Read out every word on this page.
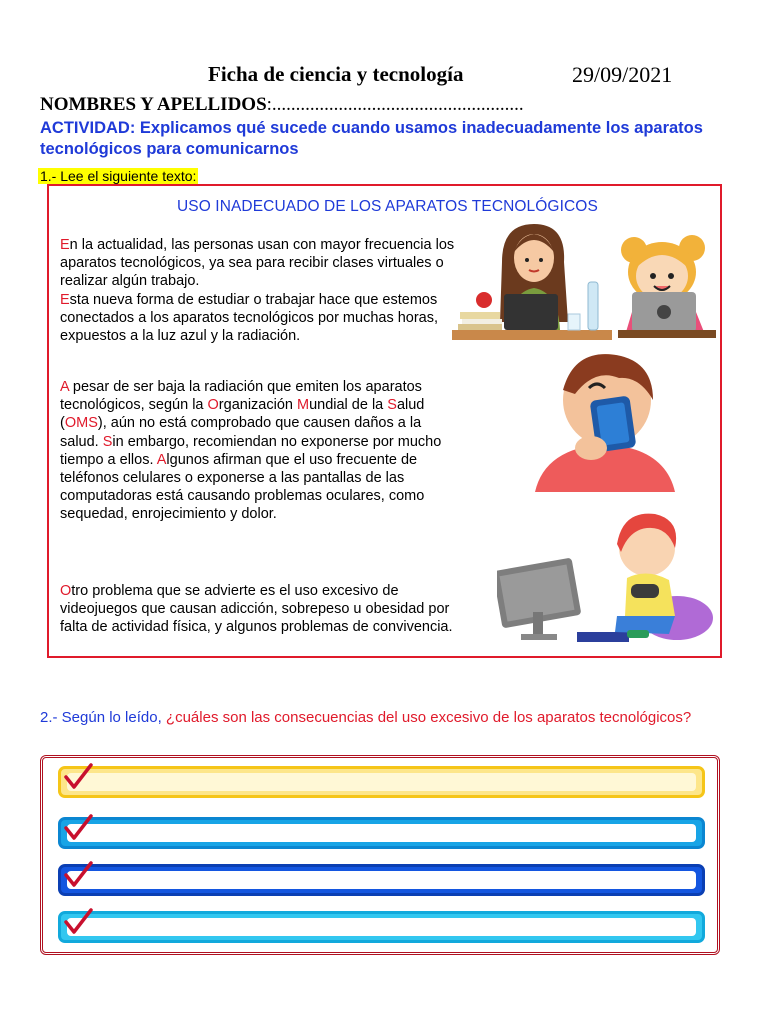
Ficha de ciencia y tecnología	29/09/2021
NOMBRES Y APELLIDOS:.....................................................
ACTIVIDAD: Explicamos qué sucede cuando usamos inadecuadamente los aparatos tecnológicos para comunicarnos
1.- Lee el siguiente texto:
USO INADECUADO DE LOS APARATOS TECNOLÓGICOS
En la actualidad, las personas usan con mayor frecuencia los aparatos tecnológicos, ya sea para recibir clases virtuales o realizar algún trabajo.
Esta nueva forma de estudiar o trabajar hace que estemos conectados a los aparatos tecnológicos por muchas horas, expuestos a la luz azul y la radiación.
A pesar de ser baja la radiación que emiten los aparatos tecnológicos, según la Organización Mundial de la Salud (OMS), aún no está comprobado que causen daños a la salud. Sin embargo, recomiendan no exponerse por mucho tiempo a ellos. Algunos afirman que el uso frecuente de teléfonos celulares o exponerse a las pantallas de las computadoras está causando problemas oculares, como sequedad, enrojecimiento y dolor.
Otro problema que se advierte es el uso excesivo de videojuegos que causan adicción, sobrepeso u obesidad por falta de actividad física, y algunos problemas de convivencia.
2.- Según lo leído, ¿cuáles son las consecuencias del uso excesivo de los aparatos tecnológicos?
